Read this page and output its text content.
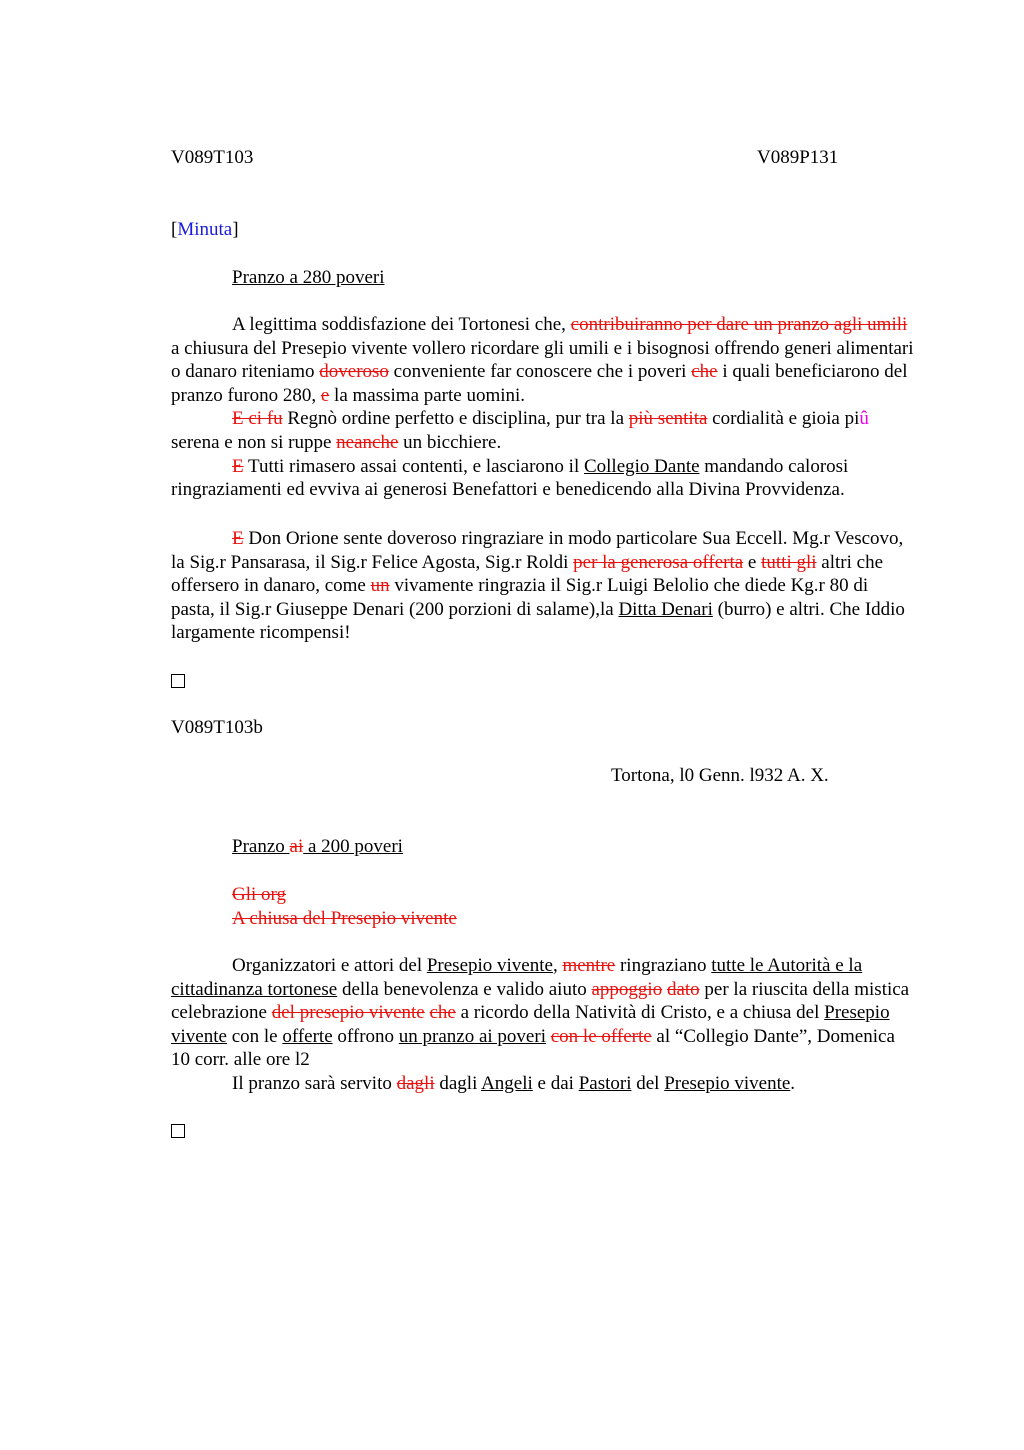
V089T103	V089P131
[Minuta]
Pranzo a 280 poveri

A legittima soddisfazione dei Tortonesi che, contribuiranno per dare un pranzo agli umili a chiusura del Presepio vivente vollero ricordare gli umili e i bisognosi offrendo generi alimentari o danaro riteniamo doveroso conveniente far conoscere che i poveri che i quali beneficiarono del pranzo furono 280, e la massima parte uomini.

E ci fu Regnò ordine perfetto e disciplina, pur tra la più sentita cordialità e gioia piû serena e non si ruppe neanche un bicchiere.

E Tutti rimasero assai contenti, e lasciarono il Collegio Dante mandando calorosi ringraziamenti ed evviva ai generosi Benefattori e benedicendo alla Divina Provvidenza.

E Don Orione sente doveroso ringraziare in modo particolare Sua Eccell. Mg.r Vescovo, la Sig.r Pansarasa, il Sig.r Felice Agosta, Sig.r Roldi per la generosa offerta e tutti gli altri che offersero in danaro, come un vivamente ringrazia il Sig.r Luigi Belolio che diede Kg.r 80 di pasta, il Sig.r Giuseppe Denari (200 porzioni di salame),la Ditta Denari (burro) e altri. Che Iddio largamente ricompensi!

V089T103b
Tortona, l0 Genn. l932 A. X.
Pranzo ai a 200 poveri
Gli org
A chiusa del Presepio vivente

Organizzatori e attori del Presepio vivente, mentre ringraziano tutte le Autorità e la cittadinanza tortonese della benevolenza e valido aiuto appoggio dato per la riuscita della mistica celebrazione del presepio vivente che a ricordo della Natività di Cristo, e a chiusa del Presepio vivente con le offerte offrono un pranzo ai poveri con le offerte al “Collegio Dante”, Domenica 10 corr. alle ore l2

Il pranzo sarà servito dagli dagli Angeli e dai Pastori del Presepio vivente.
